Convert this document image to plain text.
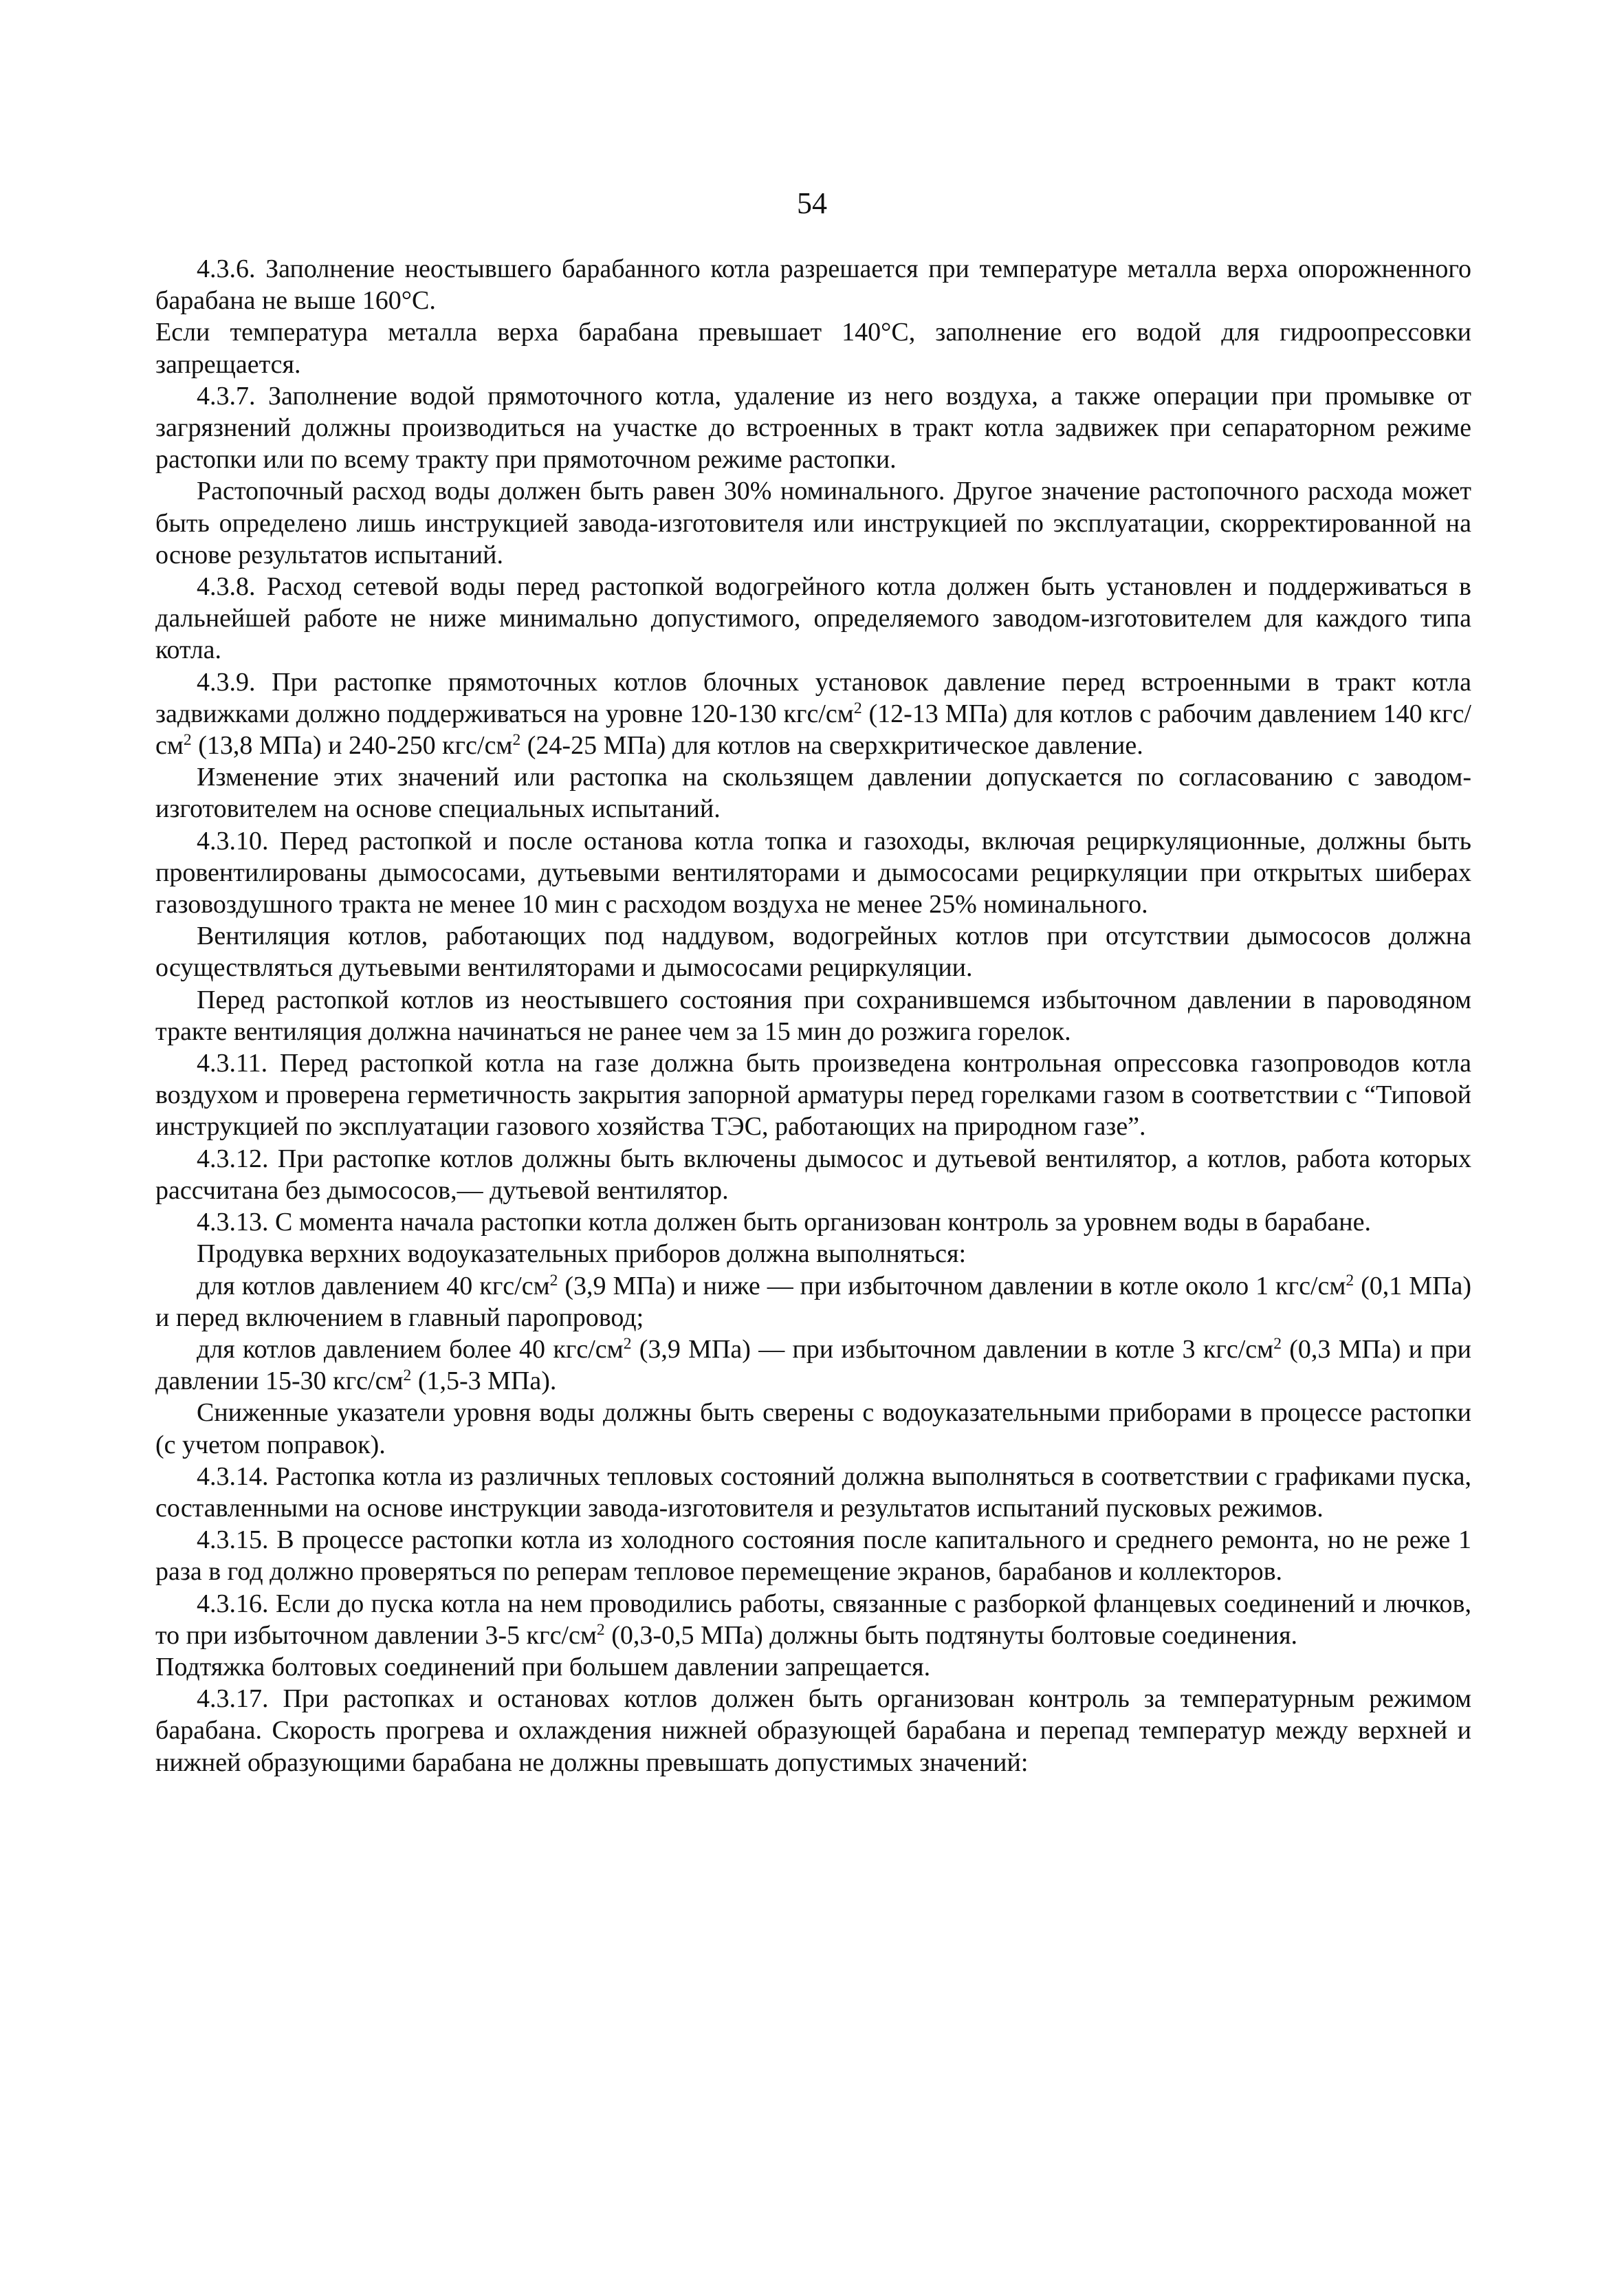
54

4.3.6. Заполнение неостывшего барабанного котла разрешается при температуре металла верха опорожненного барабана не выше 160°С.

Если температура металла верха барабана превышает 140°С, заполнение его водой для гидроопрессовки запрещается.

4.3.7. Заполнение водой прямоточного котла, удаление из него воздуха, а также операции при промывке от загрязнений должны производиться на участке до встроенных в тракт котла задвижек при сепараторном режиме растопки или по всему тракту при прямоточном режиме растопки.

Растопочный расход воды должен быть равен 30% номинального. Другое значение растопочного расхода может быть определено лишь инструкцией завода-изготовителя или инструкцией по эксплуатации, скорректированной на основе результатов испытаний.

4.3.8. Расход сетевой воды перед растопкой водогрейного котла должен быть установлен и поддерживаться в дальнейшей работе не ниже минимально допустимого, определяемого заводом-изготовителем для каждого типа котла.

4.3.9. При растопке прямоточных котлов блочных установок давление перед встроенными в тракт котла задвижками должно поддерживаться на уровне 120-130 кгс/$см^2$ (12-13 МПа) для котлов с рабочим давлением 140 кгс/$см^2$ (13,8 МПа) и 240-250 кгс/$см^2$ (24-25 МПа) для котлов на сверхкритическое давление.

Изменение этих значений или растопка на скользящем давлении допускается по согласованию с заводом-изготовителем на основе специальных испытаний.

4.3.10. Перед растопкой и после останова котла топка и газоходы, включая рециркуляционные, должны быть провентилированы дымососами, дутьевыми вентиляторами и дымососами рециркуляции при открытых шиберах газовоздушного тракта не менее 10 мин с расходом воздуха не менее 25% номинального.

Вентиляция котлов, работающих под наддувом, водогрейных котлов при отсутствии дымососов должна осуществляться дутьевыми вентиляторами и дымососами рециркуляции.

Перед растопкой котлов из неостывшего состояния при сохранившемся избыточном давлении в пароводяном тракте вентиляция должна начинаться не ранее чем за 15 мин до розжига горелок.

4.3.11. Перед растопкой котла на газе должна быть произведена контрольная опрессовка газопроводов котла воздухом и проверена герметичность закрытия запорной арматуры перед горелками газом в соответствии с “Типовой инструкцией по эксплуатации газового хозяйства ТЭС, работающих на природном газе”.

4.3.12. При растопке котлов должны быть включены дымосос и дутьевой вентилятор, а котлов, работа которых рассчитана без дымососов,— дутьевой вентилятор.

4.3.13. С момента начала растопки котла должен быть организован контроль за уровнем воды в барабане.

Продувка верхних водоуказательных приборов должна выполняться:

для котлов давлением 40 кгс/$см^2$ (3,9 МПа) и ниже — при избыточном давлении в котле около 1 кгс/$см^2$ (0,1 МПа) и перед включением в главный паропровод;

для котлов давлением более 40 кгс/$см^2$ (3,9 МПа) — при избыточном давлении в котле 3 кгс/$см^2$ (0,3 МПа) и при давлении 15-30 кгс/$см^2$ (1,5-3 МПа).

Сниженные указатели уровня воды должны быть сверены с водоуказательными приборами в процессе растопки (с учетом поправок).

4.3.14. Растопка котла из различных тепловых состояний должна выполняться в соответствии с графиками пуска, составленными на основе инструкции завода-изготовителя и результатов испытаний пусковых режимов.

4.3.15. В процессе растопки котла из холодного состояния после капитального и среднего ремонта, но не реже 1 раза в год должно проверяться по реперам тепловое перемещение экранов, барабанов и коллекторов.

4.3.16. Если до пуска котла на нем проводились работы, связанные с разборкой фланцевых соединений и лючков, то при избыточном давлении 3-5 кгс/$см^2$ (0,3-0,5 МПа) должны быть подтянуты болтовые соединения.

Подтяжка болтовых соединений при большем давлении запрещается.

4.3.17. При растопках и остановах котлов должен быть организован контроль за температурным режимом барабана. Скорость прогрева и охлаждения нижней образующей барабана и перепад температур между верхней и нижней образующими барабана не должны превышать допустимых значений:
